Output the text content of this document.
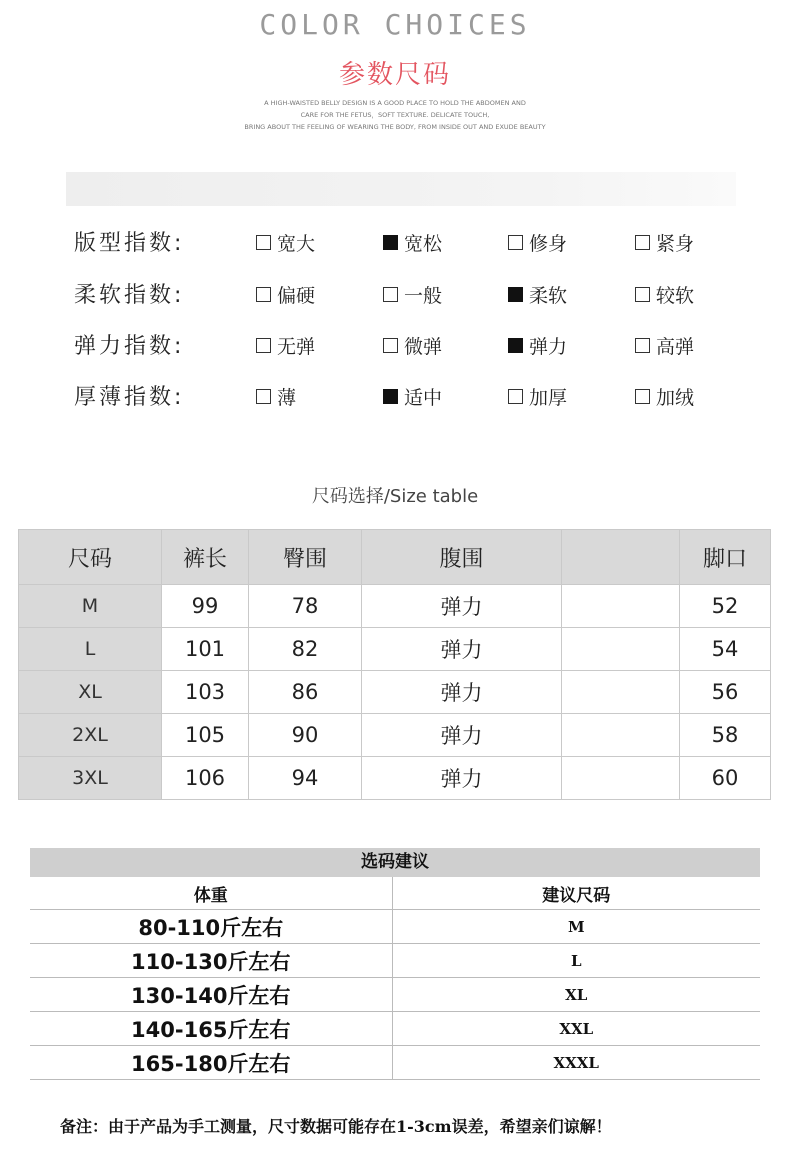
COLOR CHOICES
参数尺码
A HIGH-WAISTED BELLY DESIGN IS A GOOD PLACE TO HOLD THE ABDOMEN AND
CARE FOR THE FETUS，SOFT TEXTURE. DELICATE TOUCH,
BRING ABOUT THE FEELING OF WEARING THE BODY, FROM INSIDE OUT AND EXUDE BEAUTY
版型指数:	宽大	宽松	修身	紧身
柔软指数:	偏硬	一般	柔软	较软
弹力指数:	无弹	微弹	弹力	高弹
厚薄指数:	薄	适中	加厚	加绒
尺码选择/Size table
尺码	裤长	臀围	腹围		脚口
M	99	78	弹力		52
L	101	82	弹力		54
XL	103	86	弹力		56
2XL	105	90	弹力		58
3XL	106	94	弹力		60
选码建议
体重	建议尺码
80-110斤左右	M
110-130斤左右	L
130-140斤左右	XL
140-165斤左右	XXL
165-180斤左右	XXXL
备注：由于产品为手工测量，尺寸数据可能存在1-3cm误差，希望亲们谅解！
